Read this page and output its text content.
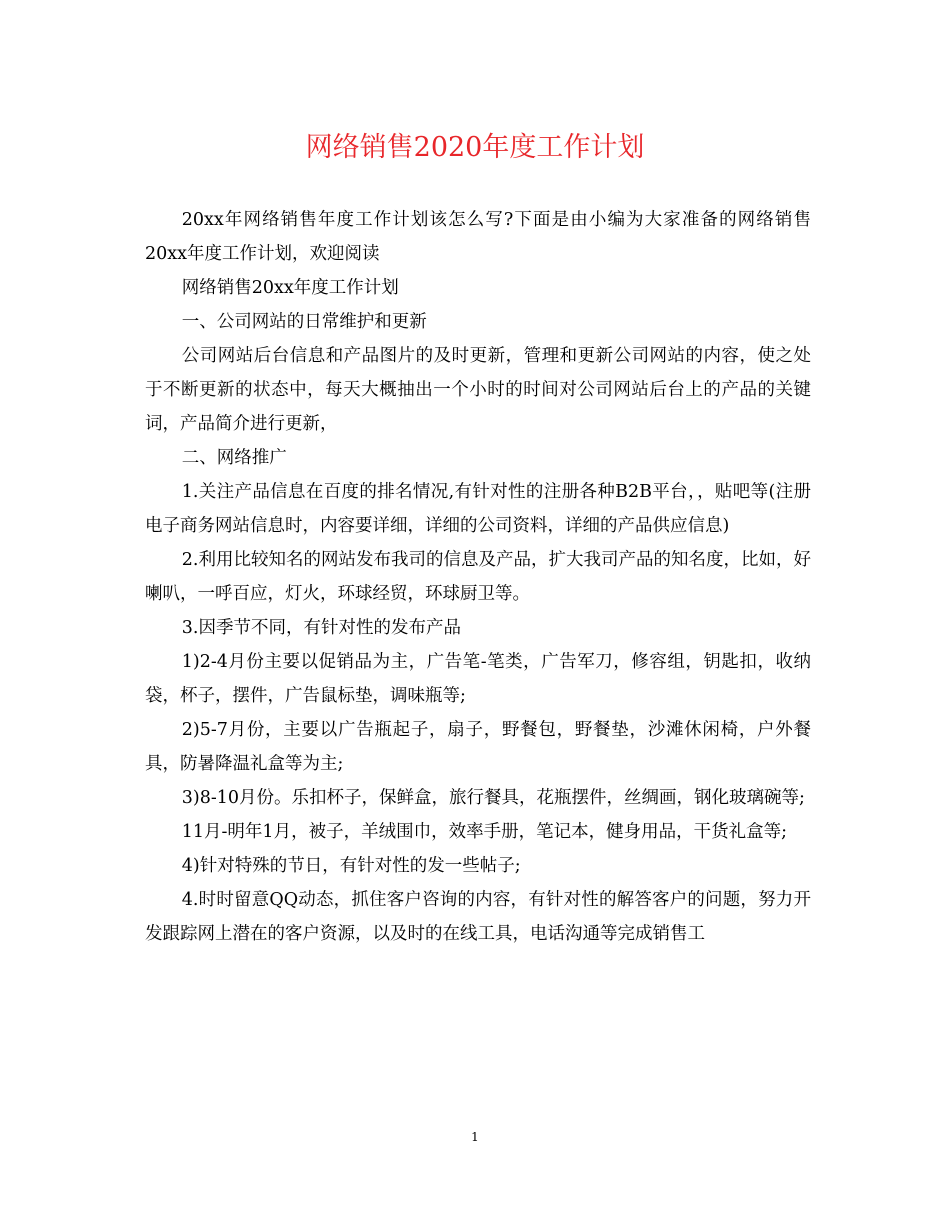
网络销售2020年度工作计划

20xx年网络销售年度工作计划该怎么写?下面是由小编为大家准备的网络销售20xx年度工作计划，欢迎阅读

网络销售20xx年度工作计划

一、公司网站的日常维护和更新

公司网站后台信息和产品图片的及时更新，管理和更新公司网站的内容，使之处于不断更新的状态中，每天大概抽出一个小时的时间对公司网站后台上的产品的关键词，产品简介进行更新，

二、网络推广

1.关注产品信息在百度的排名情况,有针对性的注册各种B2B平台，，贴吧等(注册电子商务网站信息时，内容要详细，详细的公司资料，详细的产品供应信息)

2.利用比较知名的网站发布我司的信息及产品，扩大我司产品的知名度，比如，好喇叭，一呼百应，灯火，环球经贸，环球厨卫等。

3.因季节不同，有针对性的发布产品

1)2-4月份主要以促销品为主，广告笔-笔类，广告军刀，修容组，钥匙扣，收纳袋，杯子，摆件，广告鼠标垫，调味瓶等;

2)5-7月份，主要以广告瓶起子，扇子，野餐包，野餐垫，沙滩休闲椅，户外餐具，防暑降温礼盒等为主;

3)8-10月份。乐扣杯子，保鲜盒，旅行餐具，花瓶摆件，丝绸画，钢化玻璃碗等;

11月-明年1月，被子，羊绒围巾，效率手册，笔记本，健身用品，干货礼盒等;

4)针对特殊的节日，有针对性的发一些帖子;

4.时时留意QQ动态，抓住客户咨询的内容，有针对性的解答客户的问题，努力开发跟踪网上潜在的客户资源，以及时的在线工具，电话沟通等完成销售工

1
